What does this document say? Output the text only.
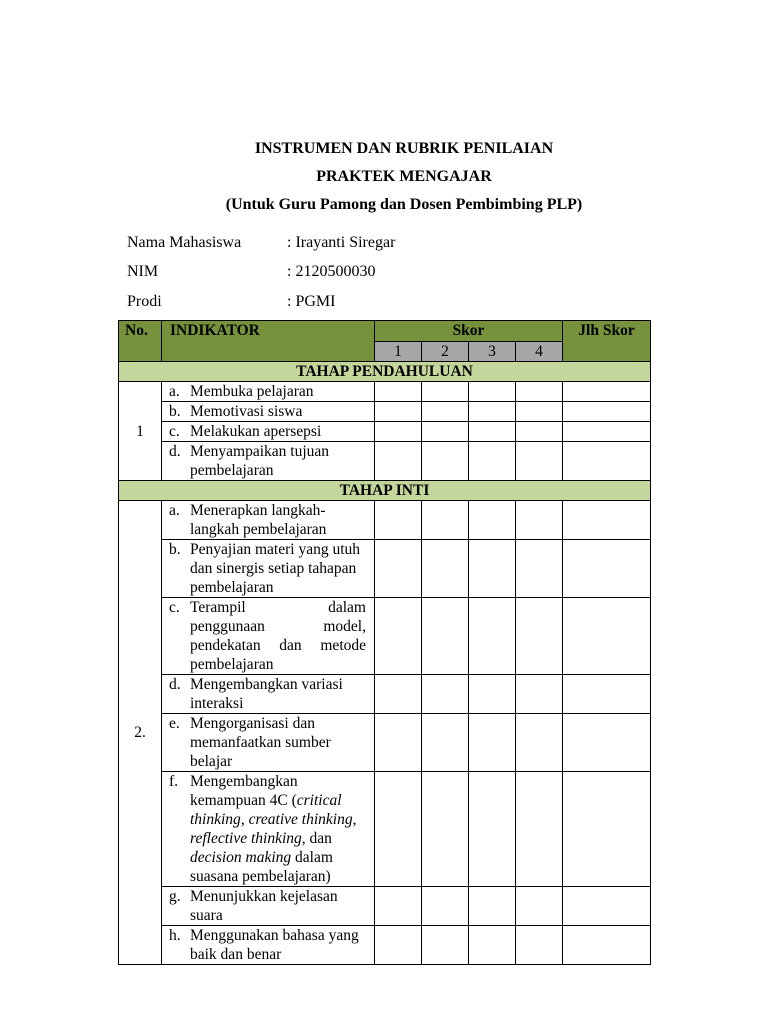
INSTRUMEN DAN RUBRIK PENILAIAN
PRAKTEK MENGAJAR
(Untuk Guru Pamong dan Dosen Pembimbing PLP)
Nama Mahasiswa	: Irayanti Siregar
NIM	: 2120500030
Prodi	: PGMI
No.	INDIKATOR	Skor				Jlh Skor
		1	2	3	4	
TAHAP PENDAHULUAN						
1	a. Membuka pelajaran					

	b. Memotivasi siswa					

	c. Melakukan apersepsi					

	d. Menyampaikan tujuan pembelajaran					

TAHAP INTI						
2.	a. Menerapkan langkah-langkah pembelajaran					

	b. Penyajian materi yang utuh dan sinergis setiap tahapan pembelajaran					

	c. Terampil dalam penggunaan model, pendekatan dan metode pembelajaran					

	d. Mengembangkan variasi interaksi					

	e. Mengorganisasi dan memanfaatkan sumber belajar					

	f. Mengembangkan kemampuan 4C (critical thinking, creative thinking, reflective thinking, dan decision making dalam suasana pembelajaran)					

	g. Menunjukkan kejelasan suara					

	h. Menggunakan bahasa yang baik dan benar					
